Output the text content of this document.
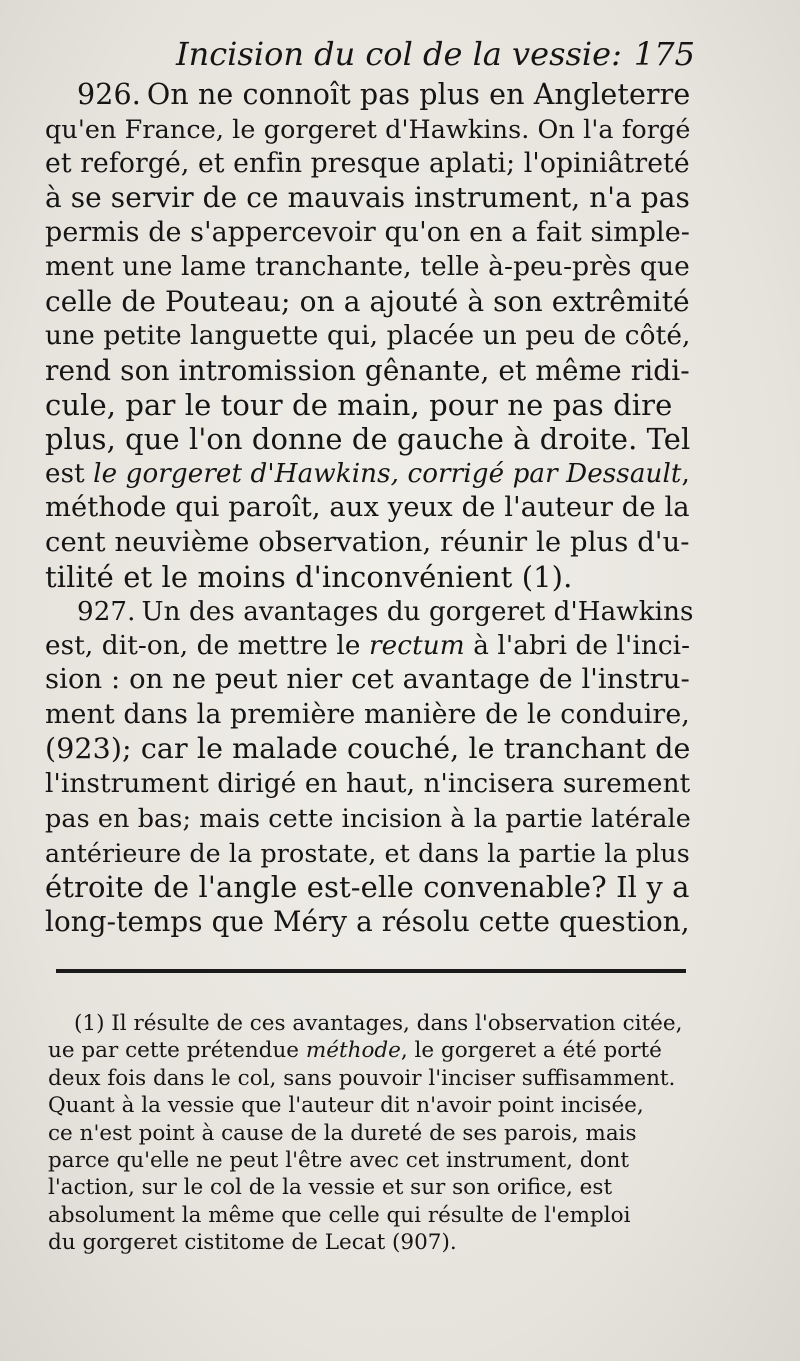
Incision du col de la vessie: 175
926. On ne connoît pas plus en Angleterre
qu'en France, le gorgeret d'Hawkins. On l'a forgé
et reforgé, et enfin presque aplati; l'opiniâtreté
à se servir de ce mauvais instrument, n'a pas
permis de s'appercevoir qu'on en a fait simple-
ment une lame tranchante, telle à-peu-près que
celle de Pouteau; on a ajouté à son extrêmité
une petite languette qui, placée un peu de côté,
rend son intromission gênante, et même ridi-
cule, par le tour de main, pour ne pas dire
plus, que l'on donne de gauche à droite. Tel
est le gorgeret d'Hawkins, corrigé par Dessault,
méthode qui paroît, aux yeux de l'auteur de la
cent neuvième observation, réunir le plus d'u-
tilité et le moins d'inconvénient (1).
927. Un des avantages du gorgeret d'Hawkins
est, dit-on, de mettre le rectum à l'abri de l'inci-
sion : on ne peut nier cet avantage de l'instru-
ment dans la première manière de le conduire,
(923); car le malade couché, le tranchant de
l'instrument dirigé en haut, n'incisera surement
pas en bas; mais cette incision à la partie latérale
antérieure de la prostate, et dans la partie la plus
étroite de l'angle est-elle convenable? Il y a
long-temps que Méry a résolu cette question,
(1) Il résulte de ces avantages, dans l'observation citée,
ue par cette prétendue méthode, le gorgeret a été porté
deux fois dans le col, sans pouvoir l'inciser suffisamment.
Quant à la vessie que l'auteur dit n'avoir point incisée,
ce n'est point à cause de la dureté de ses parois, mais
parce qu'elle ne peut l'être avec cet instrument, dont
l'action, sur le col de la vessie et sur son orifice, est
absolument la même que celle qui résulte de l'emploi
du gorgeret cistitome de Lecat (907).
